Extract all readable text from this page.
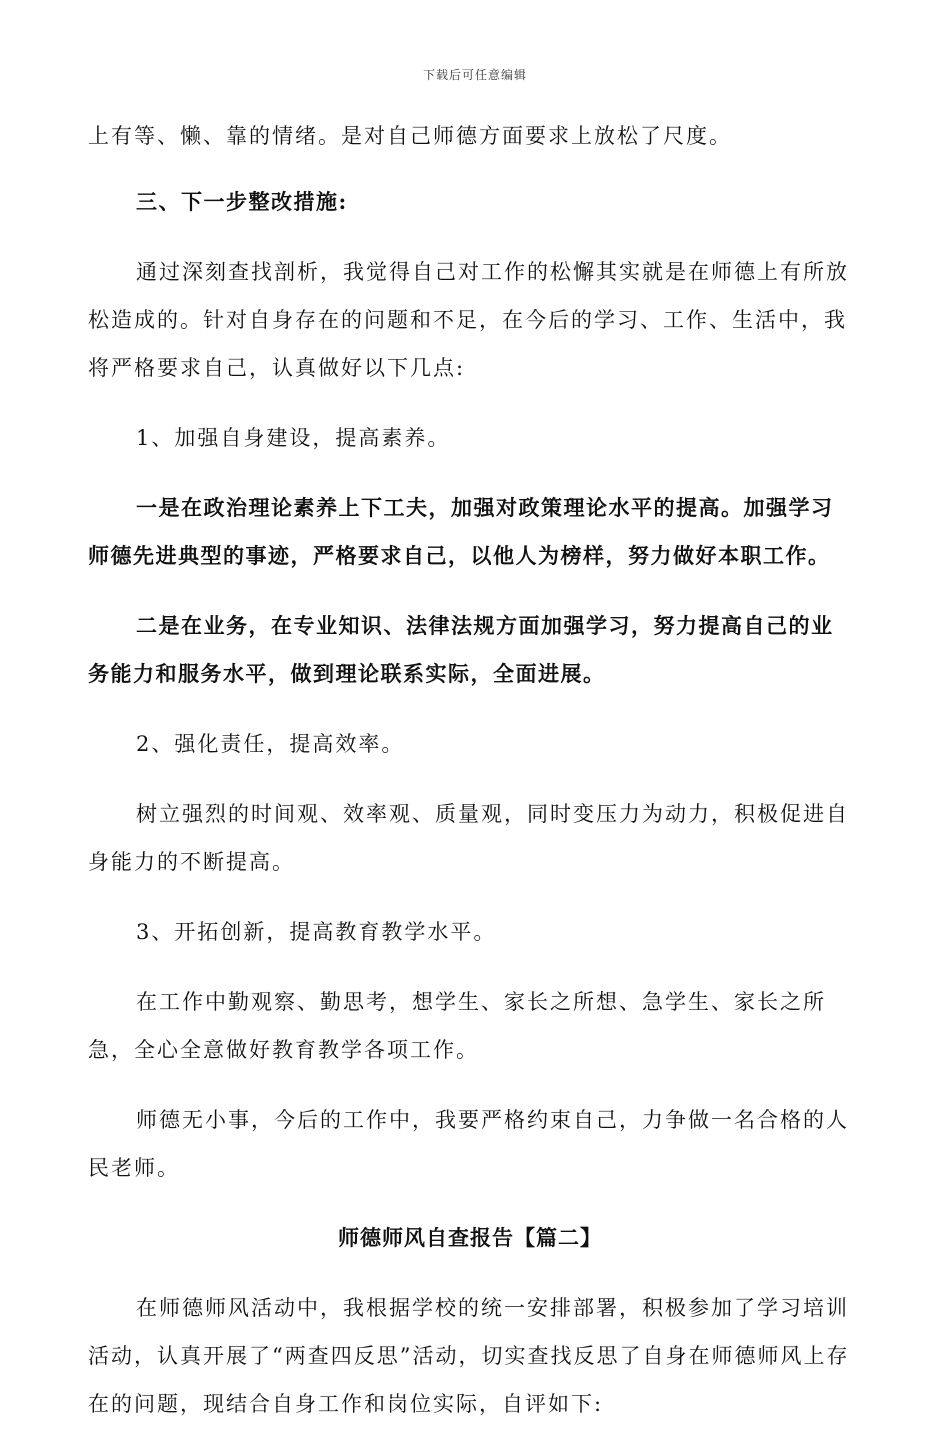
下载后可任意编辑

上有等、懒、靠的情绪。是对自己师德方面要求上放松了尺度。

三、下一步整改措施:

通过深刻查找剖析，我觉得自己对工作的松懈其实就是在师德上有所放松造成的。针对自身存在的问题和不足，在今后的学习、工作、生活中，我将严格要求自己，认真做好以下几点:

1、加强自身建设，提高素养。

一是在政治理论素养上下工夫，加强对政策理论水平的提高。加强学习师德先进典型的事迹，严格要求自己，以他人为榜样，努力做好本职工作。

二是在业务，在专业知识、法律法规方面加强学习，努力提高自己的业务能力和服务水平，做到理论联系实际，全面进展。

2、强化责任，提高效率。

树立强烈的时间观、效率观、质量观，同时变压力为动力，积极促进自身能力的不断提高。

3、开拓创新，提高教育教学水平。

在工作中勤观察、勤思考，想学生、家长之所想、急学生、家长之所急，全心全意做好教育教学各项工作。

师德无小事，今后的工作中，我要严格约束自己，力争做一名合格的人民老师。

师德师风自查报告【篇二】

在师德师风活动中，我根据学校的统一安排部署，积极参加了学习培训活动，认真开展了“两查四反思”活动，切实查找反思了自身在师德师风上存在的问题，现结合自身工作和岗位实际，自评如下:
